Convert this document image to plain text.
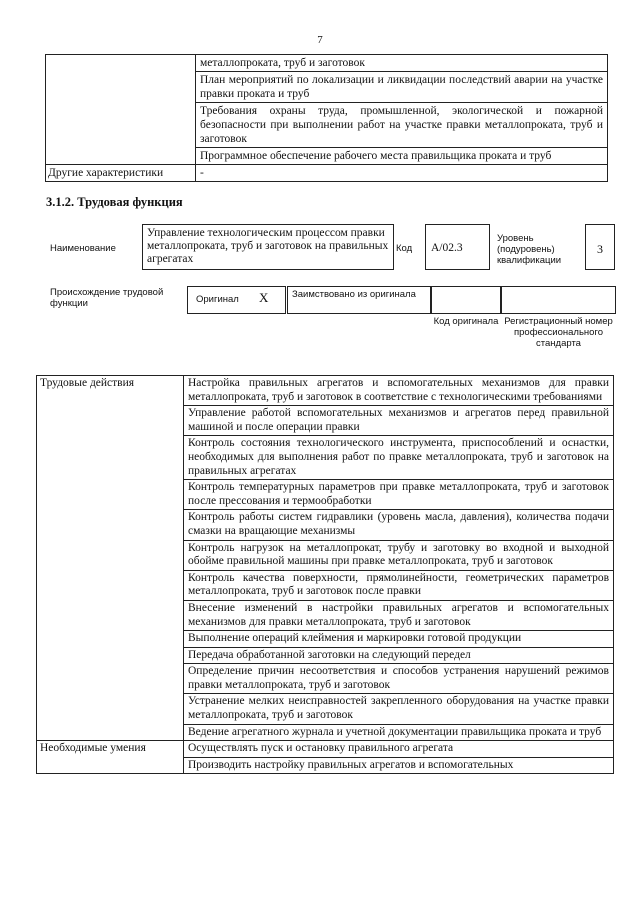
7
	металлопроката, труб и заготовок
	План мероприятий по локализации и ликвидации последствий аварии на участке правки проката и труб
	Требования охраны труда, промышленной, экологической и пожарной безопасности при выполнении работ на участке правки металлопроката, труб и заготовок
	Программное обеспечение рабочего места правильщика проката и труб
Другие характеристики	-
3.1.2. Трудовая функция
Наименование
Управление технологическим процессом правки металлопроката, труб и заготовок на правильных агрегатах
Код	А/02.3
Уровень (подуровень) квалификации
3
Происхождение трудовой функции	Оригинал X	Заимствовано из оригинала
Код оригинала Регистрационный номер профессионального стандарта
Трудовые действия	Настройка правильных агрегатов и вспомогательных механизмов для правки металлопроката, труб и заготовок в соответствие с технологическими требованиями
	Управление работой вспомогательных механизмов и агрегатов перед правильной машиной и после операции правки
	Контроль состояния технологического инструмента, приспособлений и оснастки, необходимых для выполнения работ по правке металлопроката, труб и заготовок на правильных агрегатах
	Контроль температурных параметров при правке металлопроката, труб и заготовок после прессования и термообработки
	Контроль работы систем гидравлики (уровень масла, давления), количества подачи смазки на вращающие механизмы
	Контроль нагрузок на металлопрокат, трубу и заготовку во входной и выходной обойме правильной машины при правке металлопроката, труб и заготовок
	Контроль качества поверхности, прямолинейности, геометрических параметров металлопроката, труб и заготовок после правки
	Внесение изменений в настройки правильных агрегатов и вспомогательных механизмов для правки металлопроката, труб и заготовок
	Выполнение операций клеймения и маркировки готовой продукции
	Передача обработанной заготовки на следующий передел
	Определение причин несоответствия и способов устранения нарушений режимов правки металлопроката, труб и заготовок
	Устранение мелких неисправностей закрепленного оборудования на участке правки металлопроката, труб и заготовок
	Ведение агрегатного журнала и учетной документации правильщика проката и труб
Необходимые умения	Осуществлять пуск и остановку правильного агрегата
	Производить настройку правильных агрегатов и вспомогательных
